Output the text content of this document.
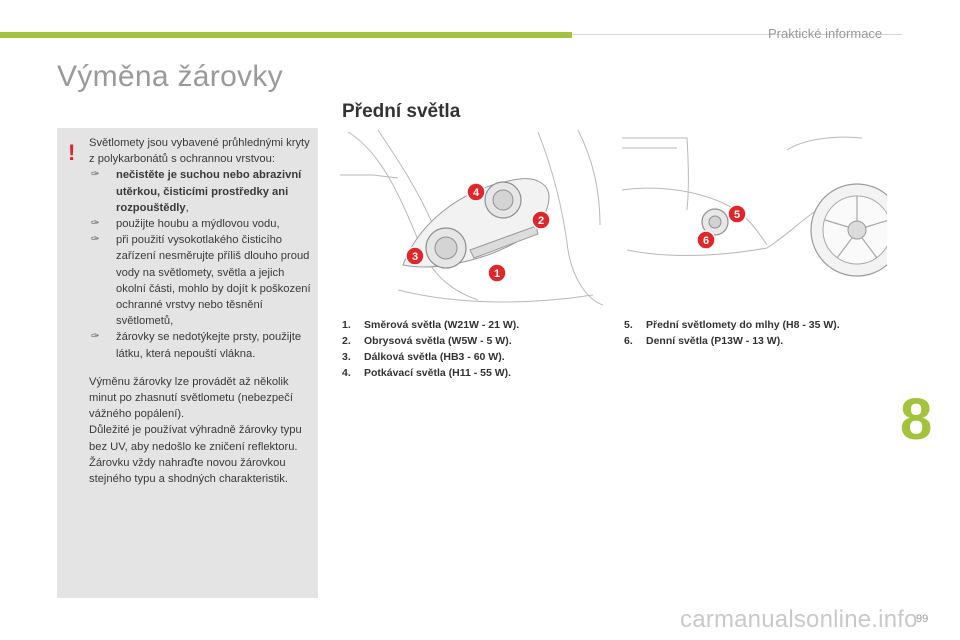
Praktické informace
Výměna žárovky
! Světlomety jsou vybavené průhlednými kryty z polykarbonátů s ochrannou vrstvou:

✑ nečistěte je suchou nebo abrazivní utěrkou, čisticími prostředky ani rozpouštědly,
✑ použijte houbu a mýdlovou vodu,
✑ při použití vysokotlakého čisticího zařízení nesměrujte příliš dlouho proud vody na světlomety, světla a jejich okolní části, mohlo by dojít k poškození ochranné vrstvy nebo těsnění světlometů,
✑ žárovky se nedotýkejte prsty, použijte látku, která nepouští vlákna.

Výměnu žárovky lze provádět až několik minut po zhasnutí světlometu (nebezpečí vážného popálení).

Důležité je používat výhradně žárovky typu bez UV, aby nedošlo ke zničení reflektoru.

Žárovku vždy nahraďte novou žárovkou stejného typu a shodných charakteristik.

Přední světla
4
2
3
1
5
6
1. Směrová světla (W21W - 21 W).
2. Obrysová světla (W5W - 5 W).
3. Dálková světla (HB3 - 60 W).
4. Potkávací světla (H11 - 55 W).
5. Přední světlomety do mlhy (H8 - 35 W).
6. Denní světla (P13W - 13 W).
8
carmanualsonline.info
99
